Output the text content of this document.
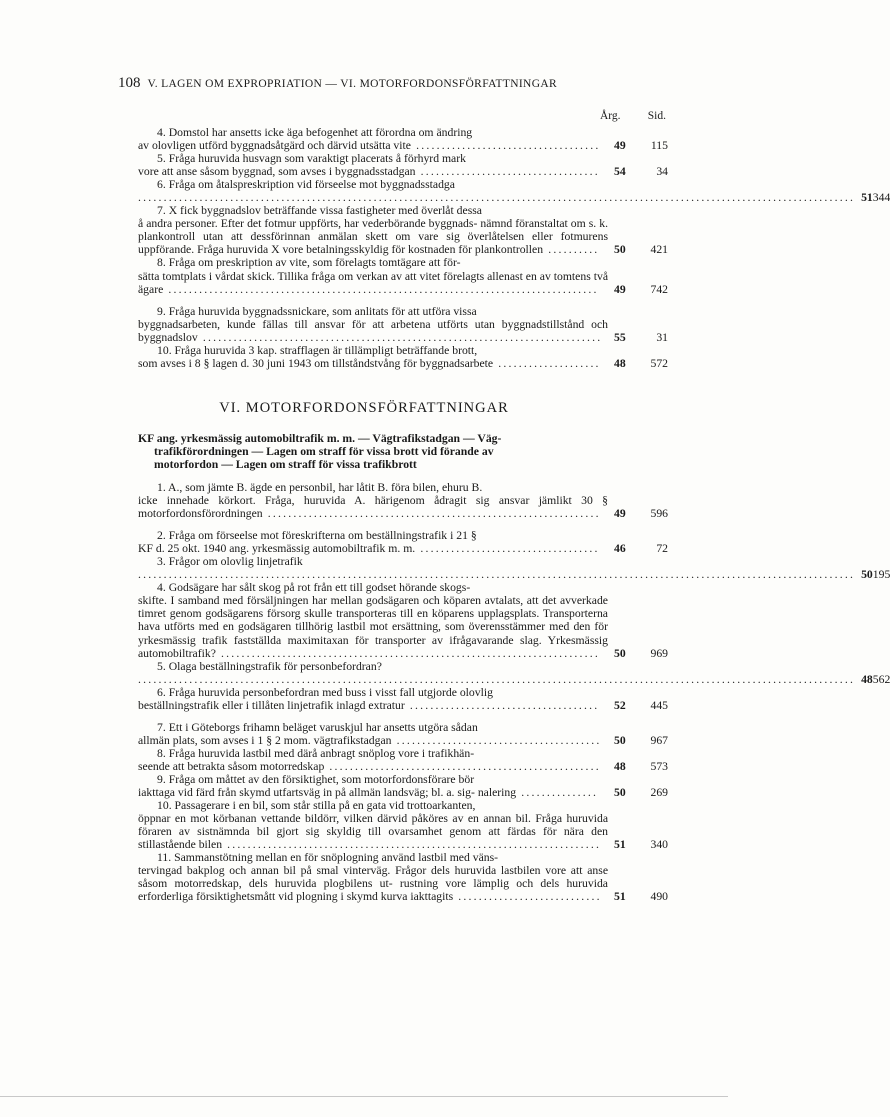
108 V. LAGEN OM EXPROPRIATION — VI. MOTORFORDONSFÖRFATTNINGAR
Årg. Sid.
4. Domstol har ansetts icke äga befogenhet att förordna om ändring
av olovligen utförd byggnadsåtgärd och därvid utsätta vite ....................................	49	115
5. Fråga huruvida husvagn som varaktigt placerats å förhyrd mark
vore att anse såsom byggnad, som avses i byggnadsstadgan ...................................	54	34
6. Fråga om åtalspreskription vid förseelse mot byggnadsstadga
............................................................................................................................................ 51 344
7. X fick byggnadslov beträffande vissa fastigheter med överlåt dessa
å andra personer. Efter det fotmur uppförts, har vederbörande byggnads- nämnd föranstaltat om s. k. plankontroll utan att dessförinnan anmälan skett om vare sig överlåtelsen eller fotmurens uppförande. Fråga huruvida X vore betalningsskyldig för kostnaden för plankontrollen ..........	50	421
8. Fråga om preskription av vite, som förelagts tomtägare att för-
sätta tomtplats i vårdat skick. Tillika fråga om verkan av att vitet förelagts allenast en av tomtens två ägare ....................................................................................	49	742
9. Fråga huruvida byggnadssnickare, som anlitats för att utföra vissa
byggnadsarbeten, kunde fällas till ansvar för att arbetena utförts utan byggnadstillstånd och byggnadslov .............................................................................. 55	31
10. Fråga huruvida 3 kap. strafflagen är tillämpligt beträffande brott,
som avses i 8 § lagen d. 30 juni 1943 om tillståndstvång för byggnadsarbete ....................	48	572
VI. MOTORFORDONSFÖRFATTNINGAR
KF ang. yrkesmässig automobiltrafik m. m. — Vägtrafikstadgan — Väg-
trafikförordningen — Lagen om straff för vissa brott vid förande av
motorfordon — Lagen om straff för vissa trafikbrott
1. A., som jämte B. ägde en personbil, har låtit B. föra bilen, ehuru B.
icke innehade körkort. Fråga, huruvida A. härigenom ådragit sig ansvar jämlikt 30 § motorfordonsförordningen .................................................................	49	596
2. Fråga om förseelse mot föreskrifterna om beställningstrafik i 21 §
KF d. 25 okt. 1940 ang. yrkesmässig automobiltrafik m. m. ...................................	46	72
3. Frågor om olovlig linjetrafik
............................................................................................................................................ 50 195
4. Godsägare har sålt skog på rot från ett till godset hörande skogs-
skifte. I samband med försäljningen har mellan godsägaren och köparen avtalats, att det avverkade timret genom godsägarens försorg skulle transporteras till en köparens upplagsplats. Transporterna hava utförts med en godsägaren tillhörig lastbil mot ersättning, som överensstämmer med den för yrkesmässig trafik fastställda maximitaxan för transporter av ifrågavarande slag. Yrkesmässig automobiltrafik? ..........................................................................	50	969
5. Olaga beställningstrafik för personbefordran?
............................................................................................................................................ 48 562
6. Fråga huruvida personbefordran med buss i visst fall utgjorde olovlig
beställningstrafik eller i tillåten linjetrafik inlagd extratur .....................................	52	445
7. Ett i Göteborgs frihamn beläget varuskjul har ansetts utgöra sådan
allmän plats, som avses i 1 § 2 mom. vägtrafikstadgan ........................................	50	967
8. Fråga huruvida lastbil med därå anbragt snöplog vore i trafikhän-
seende att betrakta såsom motorredskap .....................................................	48	573
9. Fråga om måttet av den försiktighet, som motorfordonsförare bör
iakttaga vid färd från skymd utfartsväg in på allmän landsväg; bl. a. sig- nalering ...............	50	269
10. Passagerare i en bil, som står stilla på en gata vid trottoarkanten,
öppnar en mot körbanan vettande bildörr, vilken därvid påköres av en annan bil. Fråga huruvida föraren av sistnämnda bil gjort sig skyldig till ovarsamhet genom att färdas för nära den stillastående bilen .........................................................................	51	340
11. Sammanstötning mellan en för snöplogning använd lastbil med väns-
tervingad bakplog och annan bil på smal vinterväg. Frågor dels huruvida lastbilen vore att anse såsom motorredskap, dels huruvida plogbilens ut- rustning vore lämplig och dels huruvida erforderliga försiktighetsmått vid plogning i skymd kurva iakttagits ............................	51	490
